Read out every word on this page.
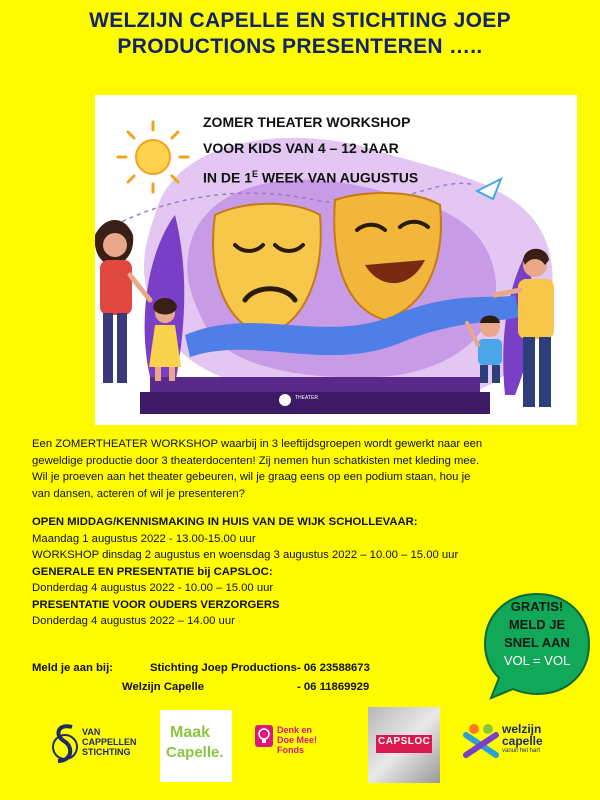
WELZIJN CAPELLE EN STICHTING JOEP
PRODUCTIONS PRESENTEREN …..
ZOMER THEATER WORKSHOP
VOOR KIDS VAN 4 – 12 JAAR
IN DE $1^E$ WEEK VAN AUGUSTUS
THEATER

Een ZOMERTHEATER WORKSHOP waarbij in 3 leeftijdsgroepen wordt gewerkt naar een

geweldige productie door 3 theaterdocenten! Zij nemen hun schatkisten met kleding mee.

Wil je proeven aan het theater gebeuren, wil je graag eens op een podium staan, hou je

van dansen, acteren of wil je presenteren?

OPEN MIDDAG/KENNISMAKING IN HUIS VAN DE WIJK SCHOLLEVAAR:

Maandag 1 augustus 2022 - 13.00-15.00 uur

WORKSHOP dinsdag 2 augustus en woensdag 3 augustus 2022 – 10.00 – 15.00 uur

GENERALE EN PRESENTATIE bij CAPSLOC:

Donderdag 4 augustus 2022 - 10.00 – 15.00 uur

PRESENTATIE VOOR OUDERS VERZORGERS

Donderdag 4 augustus 2022 – 14.00 uur

Meld je aan bij:	Stichting Joep Productions - 06 23588673
Welzijn Capelle	- 06 11869929
GRATIS!
MELD JE
SNEL AAN
VOL = VOL
VAN
CAPPELLEN
STICHTING
Maak
Capelle.
Denk en
Doe Mee!
Fonds
CAPSLOC
welzijn
capelle
vanuit het hart
